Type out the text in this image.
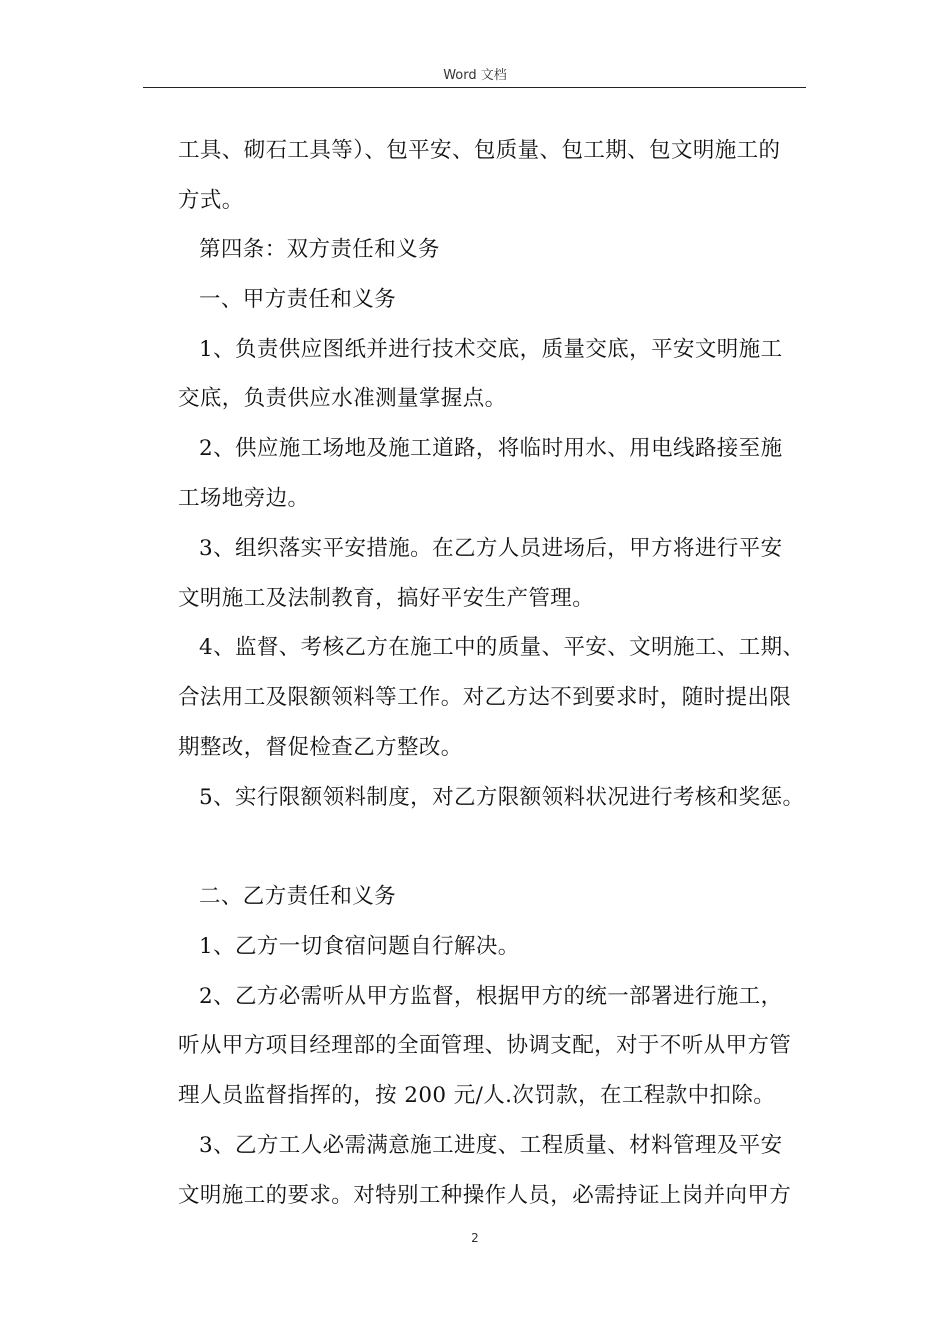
Word 文档
工具、砌石工具等）、包平安、包质量、包工期、包文明施工的
方式。
第四条：双方责任和义务
一、甲方责任和义务
1、负责供应图纸并进行技术交底，质量交底，平安文明施工
交底，负责供应水准测量掌握点。
2、供应施工场地及施工道路，将临时用水、用电线路接至施
工场地旁边。
3、组织落实平安措施。在乙方人员进场后，甲方将进行平安
文明施工及法制教育，搞好平安生产管理。
4、监督、考核乙方在施工中的质量、平安、文明施工、工期、
合法用工及限额领料等工作。对乙方达不到要求时，随时提出限
期整改，督促检查乙方整改。
5、实行限额领料制度，对乙方限额领料状况进行考核和奖惩。
二、乙方责任和义务
1、乙方一切食宿问题自行解决。
2、乙方必需听从甲方监督，根据甲方的统一部署进行施工，
听从甲方项目经理部的全面管理、协调支配，对于不听从甲方管
理人员监督指挥的，按 200 元/人.次罚款，在工程款中扣除。
3、乙方工人必需满意施工进度、工程质量、材料管理及平安
文明施工的要求。对特别工种操作人员，必需持证上岗并向甲方
2
